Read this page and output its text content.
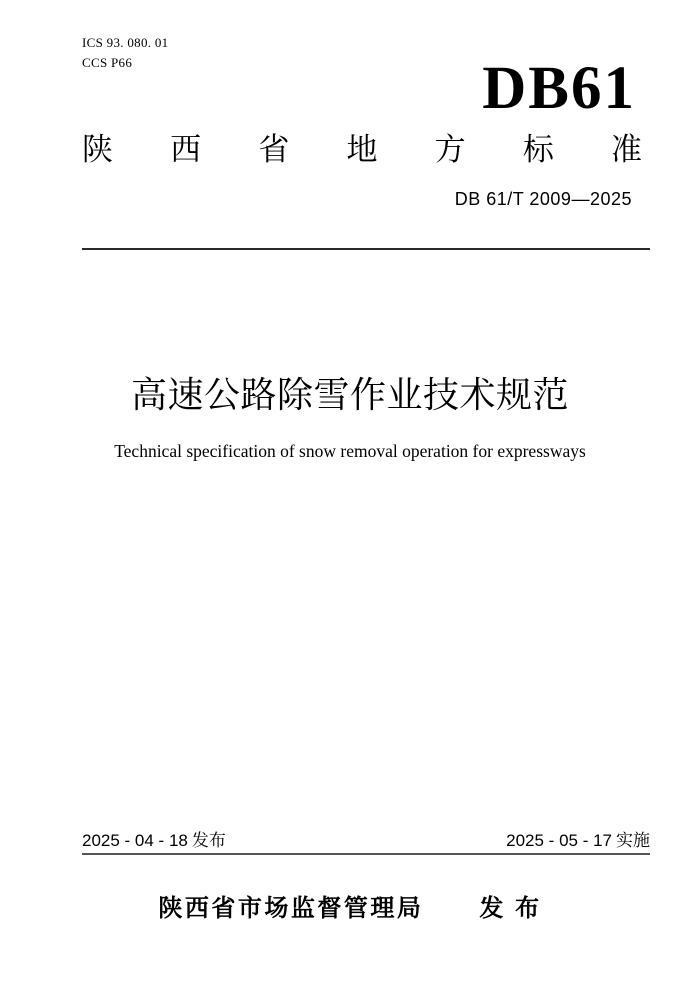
ICS 93. 080. 01
CCS P66	DB61
陕西省地方标准
DB 61/T 2009—2025
高速公路除雪作业技术规范
Technical specification of snow removal operation for expressways
2025 - 04 - 18 发布	2025 - 05 - 17 实施
陕西省市场监督管理局 发 布
